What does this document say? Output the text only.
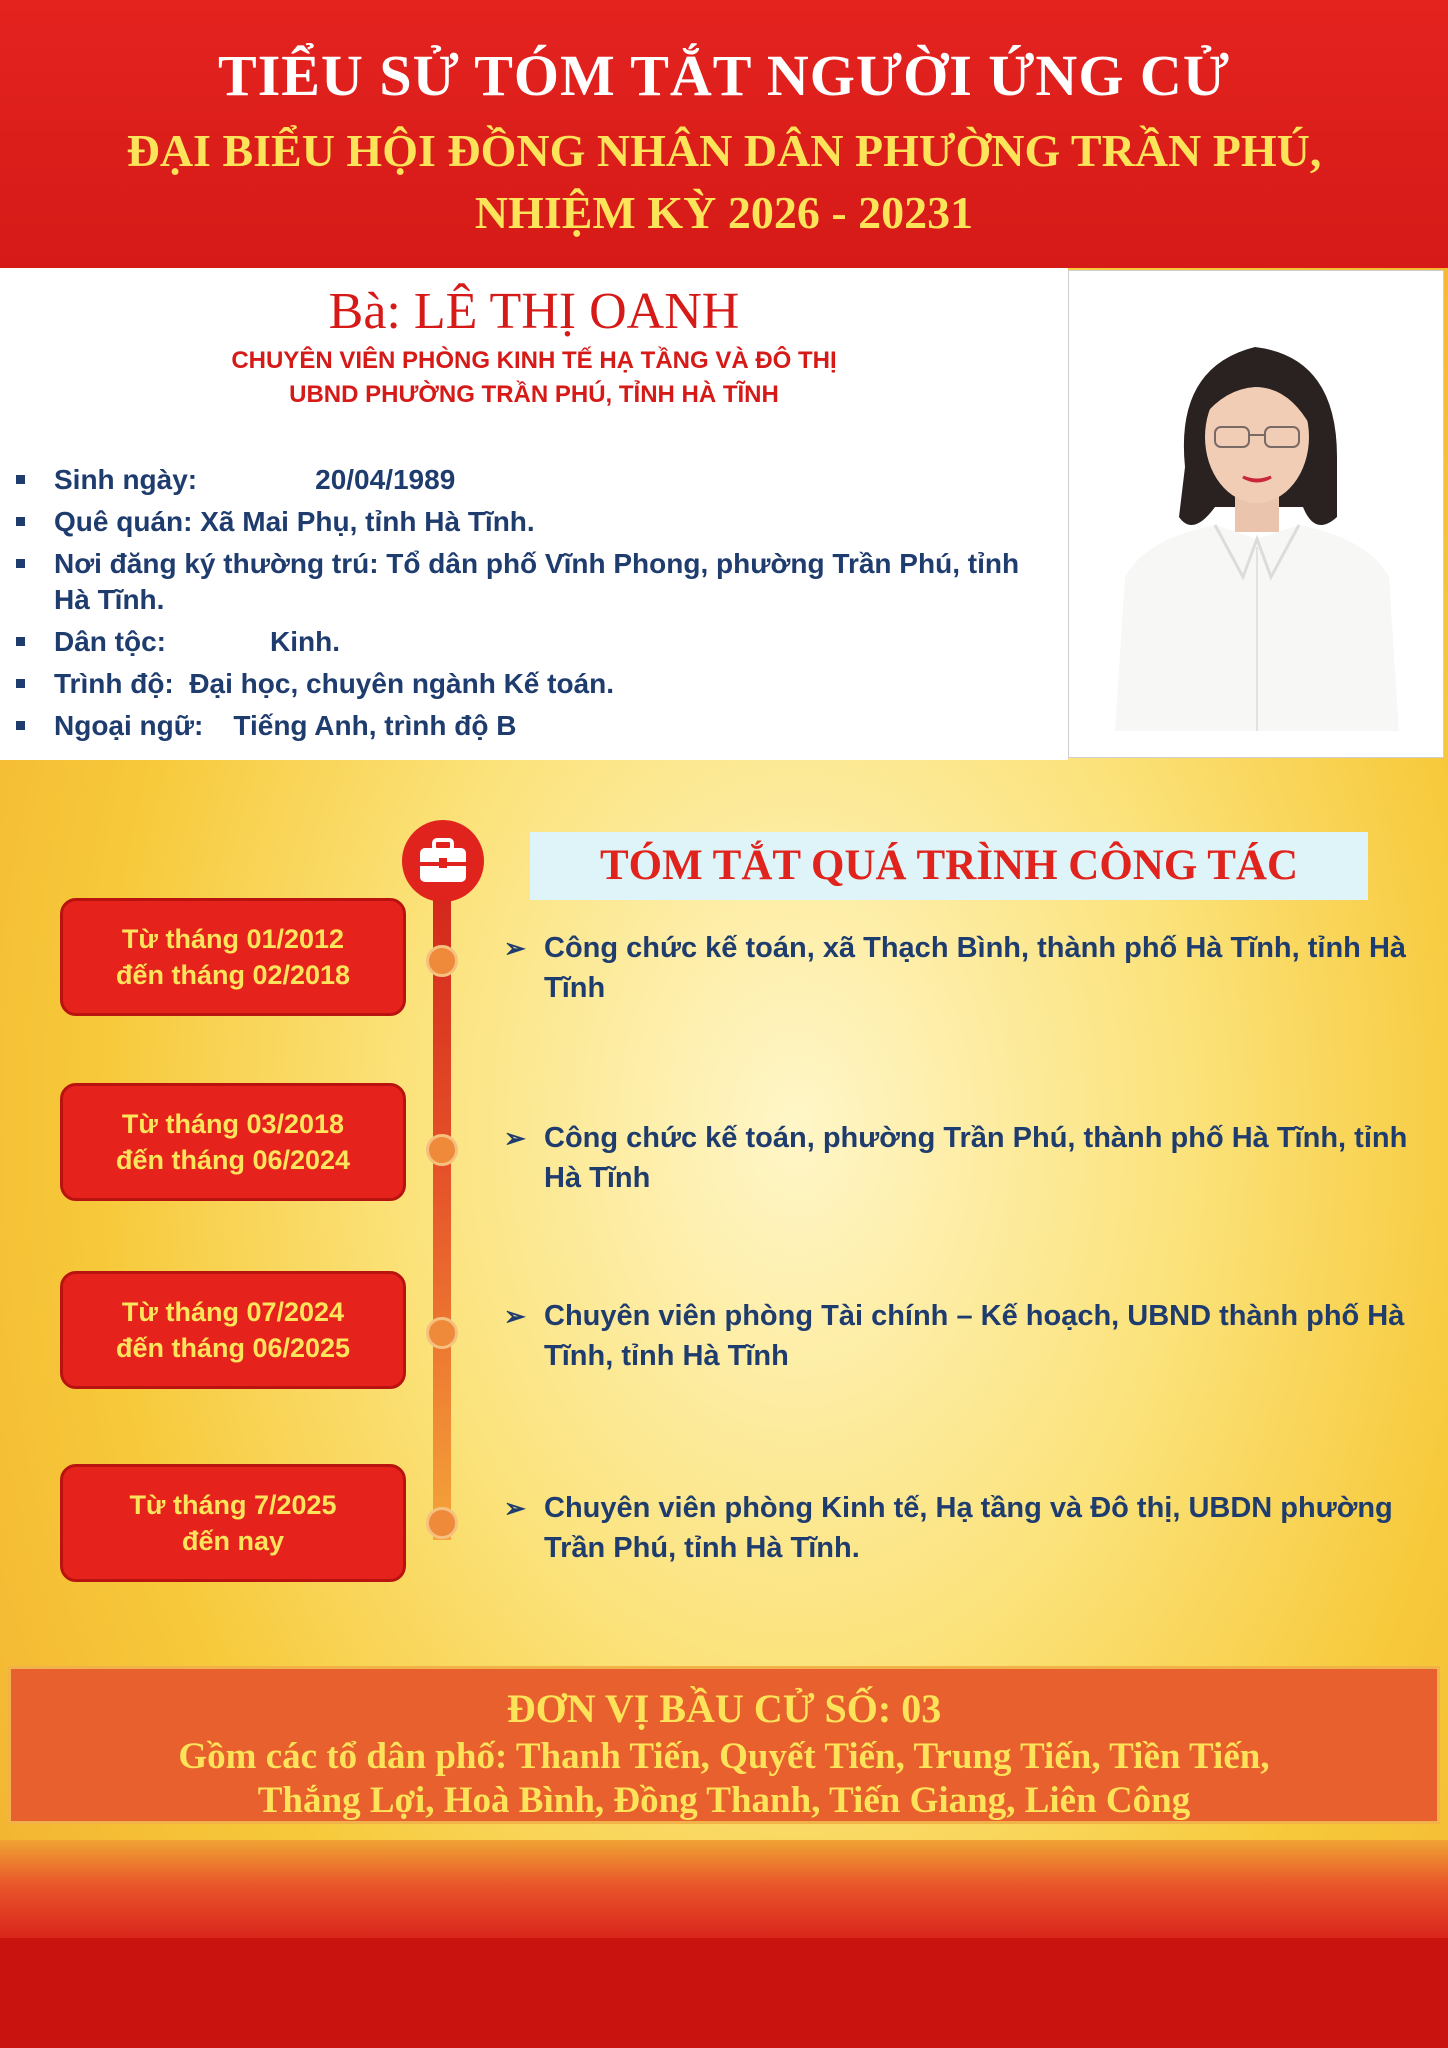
TIỂU SỬ TÓM TẮT NGƯỜI ỨNG CỬ
ĐẠI BIỂU HỘI ĐỒNG NHÂN DÂN PHƯỜNG TRẦN PHÚ,
NHIỆM KỲ 2026 - 20231
Bà: LÊ THỊ OANH
CHUYÊN VIÊN PHÒNG KINH TẾ HẠ TẦNG VÀ ĐÔ THỊ
UBND PHƯỜNG TRẦN PHÚ, TỈNH HÀ TĨNH
Sinh ngày:	20/04/1989
Quê quán: Xã Mai Phụ, tỉnh Hà Tĩnh.
Nơi đăng ký thường trú: Tổ dân phố Vĩnh Phong, phường Trần Phú, tỉnh Hà Tĩnh.
Dân tộc:	Kinh.
Trình độ: Đại học, chuyên ngành Kế toán.
Ngoại ngữ: Tiếng Anh, trình độ B
TÓM TẮT QUÁ TRÌNH CÔNG TÁC
Từ tháng 01/2012
đến tháng 02/2018
Từ tháng 03/2018
đến tháng 06/2024
Từ tháng 07/2024
đến tháng 06/2025
Từ tháng 7/2025
đến nay
➢ Công chức kế toán, xã Thạch Bình, thành phố Hà Tĩnh, tỉnh Hà Tĩnh
➢ Công chức kế toán, phường Trần Phú, thành phố Hà Tĩnh, tỉnh Hà Tĩnh
➢ Chuyên viên phòng Tài chính – Kế hoạch, UBND thành phố Hà Tĩnh, tỉnh Hà Tĩnh
➢ Chuyên viên phòng Kinh tế, Hạ tầng và Đô thị, UBDN phường Trần Phú, tỉnh Hà Tĩnh.
ĐƠN VỊ BẦU CỬ SỐ: 03
Gồm các tổ dân phố: Thanh Tiến, Quyết Tiến, Trung Tiến, Tiền Tiến,
Thắng Lợi, Hoà Bình, Đồng Thanh, Tiến Giang, Liên Công
